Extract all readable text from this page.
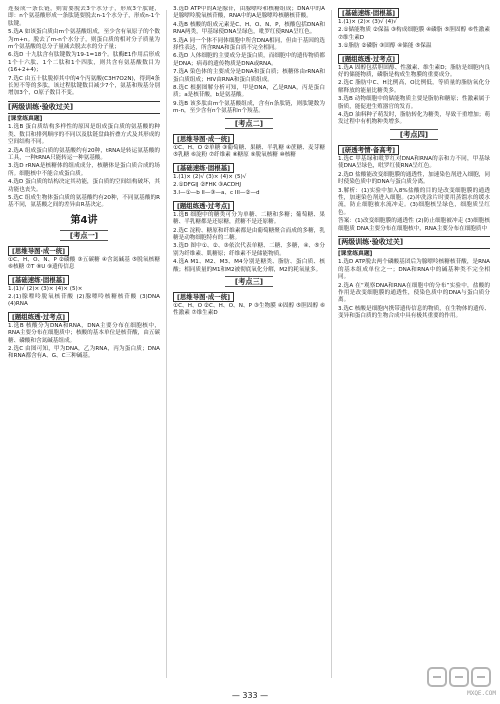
连接成一条长链，则需要脱去3个水分子，形成3个肽键，即：n个氨基酸形成一条肽链要脱去n-1个水分子，形成n-1个肽键。

5.选A 如该蛋白质由m个氨基酸组成，至少含有氧原子的个数为m+n。脱去了m-n个水分子，则蛋白质的相对分子质量为m个氨基酸的总分子量减去脱去水的分子量；

6.选D 十九肽含有肽键数为19-1=18个。肽酶E1作用后形成1个十六肽、1个二肽和1个四肽，则共含有氨基酸数目为(16+2+4)；

7.选C 由五十肽脱掉其中的4个丙氨酸(C3H7O2N)，得到4条长短不等的多肽，该过程肽键数目减少7个，氨基和羧基分别增加3个，O原子数目不变。

[两级训练·验收过关]
[课堂练真题]

1.选B 蛋白质结构多样性的原因是组成蛋白质的氨基酸的种类、数目和排列顺序的不同以及肽链盘曲折叠方式及其形成的空间结构不同。

2.选A 组成蛋白质的氨基酸约有20种，tRNA是转运氨基酸的工具，一种tRNA只能转运一种氨基酸。

3.选D rRNA是核糖体的组成成分，核糖体是蛋白质合成的场所。细胞核中不能合成蛋白质。

4.选D 蛋白质的结构决定其功能，蛋白质的空间结构破坏，其功能也丧失。

5.选C 组成生物体蛋白质的氨基酸约有20种，不同氨基酸的R基不同，氨基酸之间的差异由R基决定。

第4讲
[考点一]
[思维导图·成一统]

①C、H、O、N、P ②磷酸 ③五碳糖 ④含氮碱基 ⑤脱氧核糖 ⑥核糖 ⑦T ⑧U ⑨遗传信息

[基础速练·固根基]

1.(1)√ (2)× (3)× (4)× (5)×

2.(1)腺嘌呤脱氧核苷酸 (2)腺嘌呤核糖核苷酸 (3)DNA (4)RNA

[题组练透·过考点]

1.选B 核酸分为DNA和RNA，DNA主要分布在细胞核中，RNA主要分布在细胞质中；核酸的基本单位是核苷酸，由五碳糖、磷酸和含氮碱基组成。

2.选C 由图可知，甲为DNA，乙为RNA，丙为蛋白质；DNA和RNA都含有A、G、C三种碱基。

3.选D ATP中的A是腺苷，由腺嘌呤和核糖组成；DNA中的A是腺嘌呤脱氧核苷酸，RNA中的A是腺嘌呤核糖核苷酸。

4.选B 核酸的组成元素是C、H、O、N、P，核酸包括DNA和RNA两类，甲基绿使DNA呈绿色，吡罗红使RNA呈红色。

5.选A 同一个体不同体细胞中所含DNA相同，但由于基因的选择性表达，所含RNA和蛋白质不完全相同。

6.选D 人体细胞的主要成分是蛋白质，而细胞中的遗传物质都是DNA；病毒的遗传物质是DNA或RNA。

7.选A 染色体的主要成分是DNA和蛋白质；核糖体由rRNA和蛋白质组成；HIV由RNA和蛋白质组成。

8.选C 根据图解分析可知，甲是DNA，乙是RNA，丙是蛋白质；a是核苷酸，b是氨基酸。

9.选B 该多肽由m个氨基酸组成，含有n条肽链，则肽键数为m-n，至少含有n个氨基和n个羧基。

[考点二]
[思维导图·成一统]

①C、H、O ②单糖 ③葡萄糖、果糖、半乳糖 ④蔗糖、麦芽糖 ⑤乳糖 ⑥淀粉 ⑦纤维素 ⑧糖原 ⑨脱氧核糖 ⑩核糖

[基础速练·固根基]

1.(1)× (2)√ (3)× (4)× (5)√

2.①DFGIJ ②FHK ③ACDHJ

3.I—①—b II—③—a、c III—②—d

[题组练透·过考点]

1.选B 细胞中的糖类可分为单糖、二糖和多糖；葡萄糖、果糖、半乳糖都是还原糖，蔗糖不是还原糖。

2.选C 淀粉、糖原和纤维素都是由葡萄糖聚合而成的多糖，乳糖是动物细胞特有的二糖。

3.选D 图中①、②、③依次代表单糖、二糖、多糖，④、⑤分别为纤维素、肌糖原；纤维素不是储能物质。

4.选A M1、M2、M3、M4分别是糖类、脂肪、蛋白质、核酸；相同质量的M1和M2被彻底氧化分解，M2的耗氧量多。

[考点三]
[思维导图·成一统]

①C、H、O ②C、H、O、N、P ③生物膜 ④固醇 ⑤胆固醇 ⑥性激素 ⑦维生素D

[基础速练·固根基]

1.(1)× (2)× (3)√ (4)√

2.①储能物质 ②保温 ③构成细胞膜 ④磷脂 ⑤胆固醇 ⑥性激素 ⑦维生素D

3.①脂肪 ②磷脂 ③固醇 ④储能 ⑤保温

[题组练透·过考点]

1.选A 固醇包括胆固醇、性激素、维生素D；脂肪是细胞内良好的储能物质，磷脂是构成生物膜的重要成分。

2.选C 脂肪中C、H比例高，O比例低，等质量的脂肪氧化分解释放的能量比糖类多。

3.选B 动物细胞中的储能物质主要是脂肪和糖原；性激素属于脂质，能促进生殖器官的发育。

4.选D 油料种子萌发时，脂肪转化为糖类，导致干重增加；萌发过程中有机物种类增多。

[考点四]
[研透考情·备高考]

1.选C 甲基绿和吡罗红对DNA和RNA的亲和力不同，甲基绿使DNA呈绿色，吡罗红使RNA呈红色。

2.选D 盐酸能改变细胞膜的通透性，加速染色剂进入细胞，同时使染色质中的DNA与蛋白质分离。

3.解析：(1)实验中加入8%盐酸的目的是改变细胞膜的通透性，加速染色剂进入细胞。(2)冲洗涂片时要用蒸馏水的缓水流，防止细胞被水流冲走。(3)细胞核呈绿色，细胞质呈红色。

答案：(1)改变细胞膜的通透性 (2)防止细胞被冲走 (3)细胞核 细胞质 DNA主要分布在细胞核中，RNA主要分布在细胞质中

[两级训练·验收过关]
[课堂练真题]

1.选D ATP脱去两个磷酸基团后为腺嘌呤核糖核苷酸，是RNA的基本组成单位之一；DNA和RNA中的碱基种类不完全相同。

2.选A 在“观察DNA和RNA在细胞中的分布”实验中，盐酸的作用是改变细胞膜的通透性，使染色质中的DNA与蛋白质分离。

3.选C 核酸是细胞内携带遗传信息的物质，在生物体的遗传、变异和蛋白质的生物合成中具有极其重要的作用。

— 333 —	MXQE.COM
